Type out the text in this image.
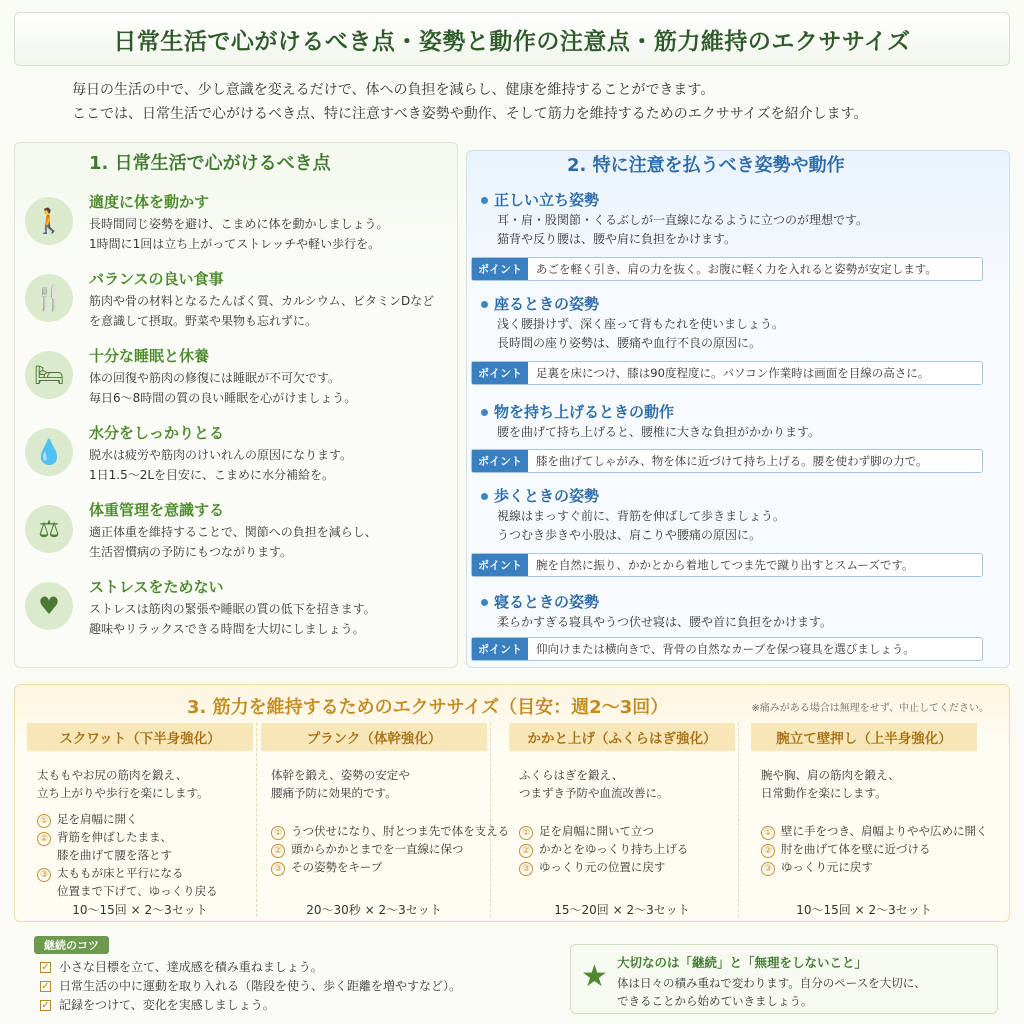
日常生活で心がけるべき点・姿勢と動作の注意点・筋力維持のエクササイズ
毎日の生活の中で、少し意識を変えるだけで、体への負担を減らし、健康を維持することができます。
ここでは、日常生活で心がけるべき点、特に注意すべき姿勢や動作、そして筋力を維持するためのエクササイズを紹介します。
1. 日常生活で心がけるべき点
🚶
適度に体を動かす
長時間同じ姿勢を避け、こまめに体を動かしましょう。
1時間に1回は立ち上がってストレッチや軽い歩行を。
🍴
バランスの良い食事
筋肉や骨の材料となるたんぱく質、カルシウム、ビタミンDなど
を意識して摂取。野菜や果物も忘れずに。
🛏
十分な睡眠と休養
体の回復や筋肉の修復には睡眠が不可欠です。
毎日6〜8時間の質の良い睡眠を心がけましょう。
💧
水分をしっかりとる
脱水は疲労や筋肉のけいれんの原因になります。
1日1.5〜2Lを目安に、こまめに水分補給を。
⚖
体重管理を意識する
適正体重を維持することで、関節への負担を減らし、
生活習慣病の予防にもつながります。
♥
ストレスをためない
ストレスは筋肉の緊張や睡眠の質の低下を招きます。
趣味やリラックスできる時間を大切にしましょう。
2. 特に注意を払うべき姿勢や動作
正しい立ち姿勢
耳・肩・股関節・くるぶしが一直線になるように立つのが理想です。
猫背や反り腰は、腰や肩に負担をかけます。
ポイント	あごを軽く引き、肩の力を抜く。お腹に軽く力を入れると姿勢が安定します。
座るときの姿勢
浅く腰掛けず、深く座って背もたれを使いましょう。
長時間の座り姿勢は、腰痛や血行不良の原因に。
ポイント	足裏を床につけ、膝は90度程度に。パソコン作業時は画面を目線の高さに。
物を持ち上げるときの動作
腰を曲げて持ち上げると、腰椎に大きな負担がかかります。
ポイント	膝を曲げてしゃがみ、物を体に近づけて持ち上げる。腰を使わず脚の力で。
歩くときの姿勢
視線はまっすぐ前に、背筋を伸ばして歩きましょう。
うつむき歩きや小股は、肩こりや腰痛の原因に。
ポイント	腕を自然に振り、かかとから着地してつま先で蹴り出すとスムーズです。
寝るときの姿勢
柔らかすぎる寝具やうつ伏せ寝は、腰や首に負担をかけます。
ポイント	仰向けまたは横向きで、背骨の自然なカーブを保つ寝具を選びましょう。
3. 筋力を維持するためのエクササイズ（目安：週2〜3回）	※痛みがある場合は無理をせず、中止してください。
スクワット（下半身強化）
太ももやお尻の筋肉を鍛え、
立ち上がりや歩行を楽にします。
① 足を肩幅に開く
② 背筋を伸ばしたまま、
膝を曲げて腰を落とす
③ 太ももが床と平行になる
位置まで下げて、ゆっくり戻る
10〜15回 × 2〜3セット
プランク（体幹強化）
体幹を鍛え、姿勢の安定や
腰痛予防に効果的です。
① うつ伏せになり、肘とつま先で体を支える
② 頭からかかとまでを一直線に保つ
③ その姿勢をキープ
20〜30秒 × 2〜3セット
かかと上げ（ふくらはぎ強化）
ふくらはぎを鍛え、
つまずき予防や血流改善に。
① 足を肩幅に開いて立つ
② かかとをゆっくり持ち上げる
③ ゆっくり元の位置に戻す
15〜20回 × 2〜3セット
腕立て壁押し（上半身強化）
腕や胸、肩の筋肉を鍛え、
日常動作を楽にします。
① 壁に手をつき、肩幅よりやや広めに開く
② 肘を曲げて体を壁に近づける
③ ゆっくり元に戻す
10〜15回 × 2〜3セット
継続のコツ
✓ 小さな目標を立て、達成感を積み重ねましょう。
✓ 日常生活の中に運動を取り入れる（階段を使う、歩く距離を増やすなど）。
✓ 記録をつけて、変化を実感しましょう。
★ 大切なのは「継続」と「無理をしないこと」
体は日々の積み重ねで変わります。自分のペースを大切に、
できることから始めていきましょう。
